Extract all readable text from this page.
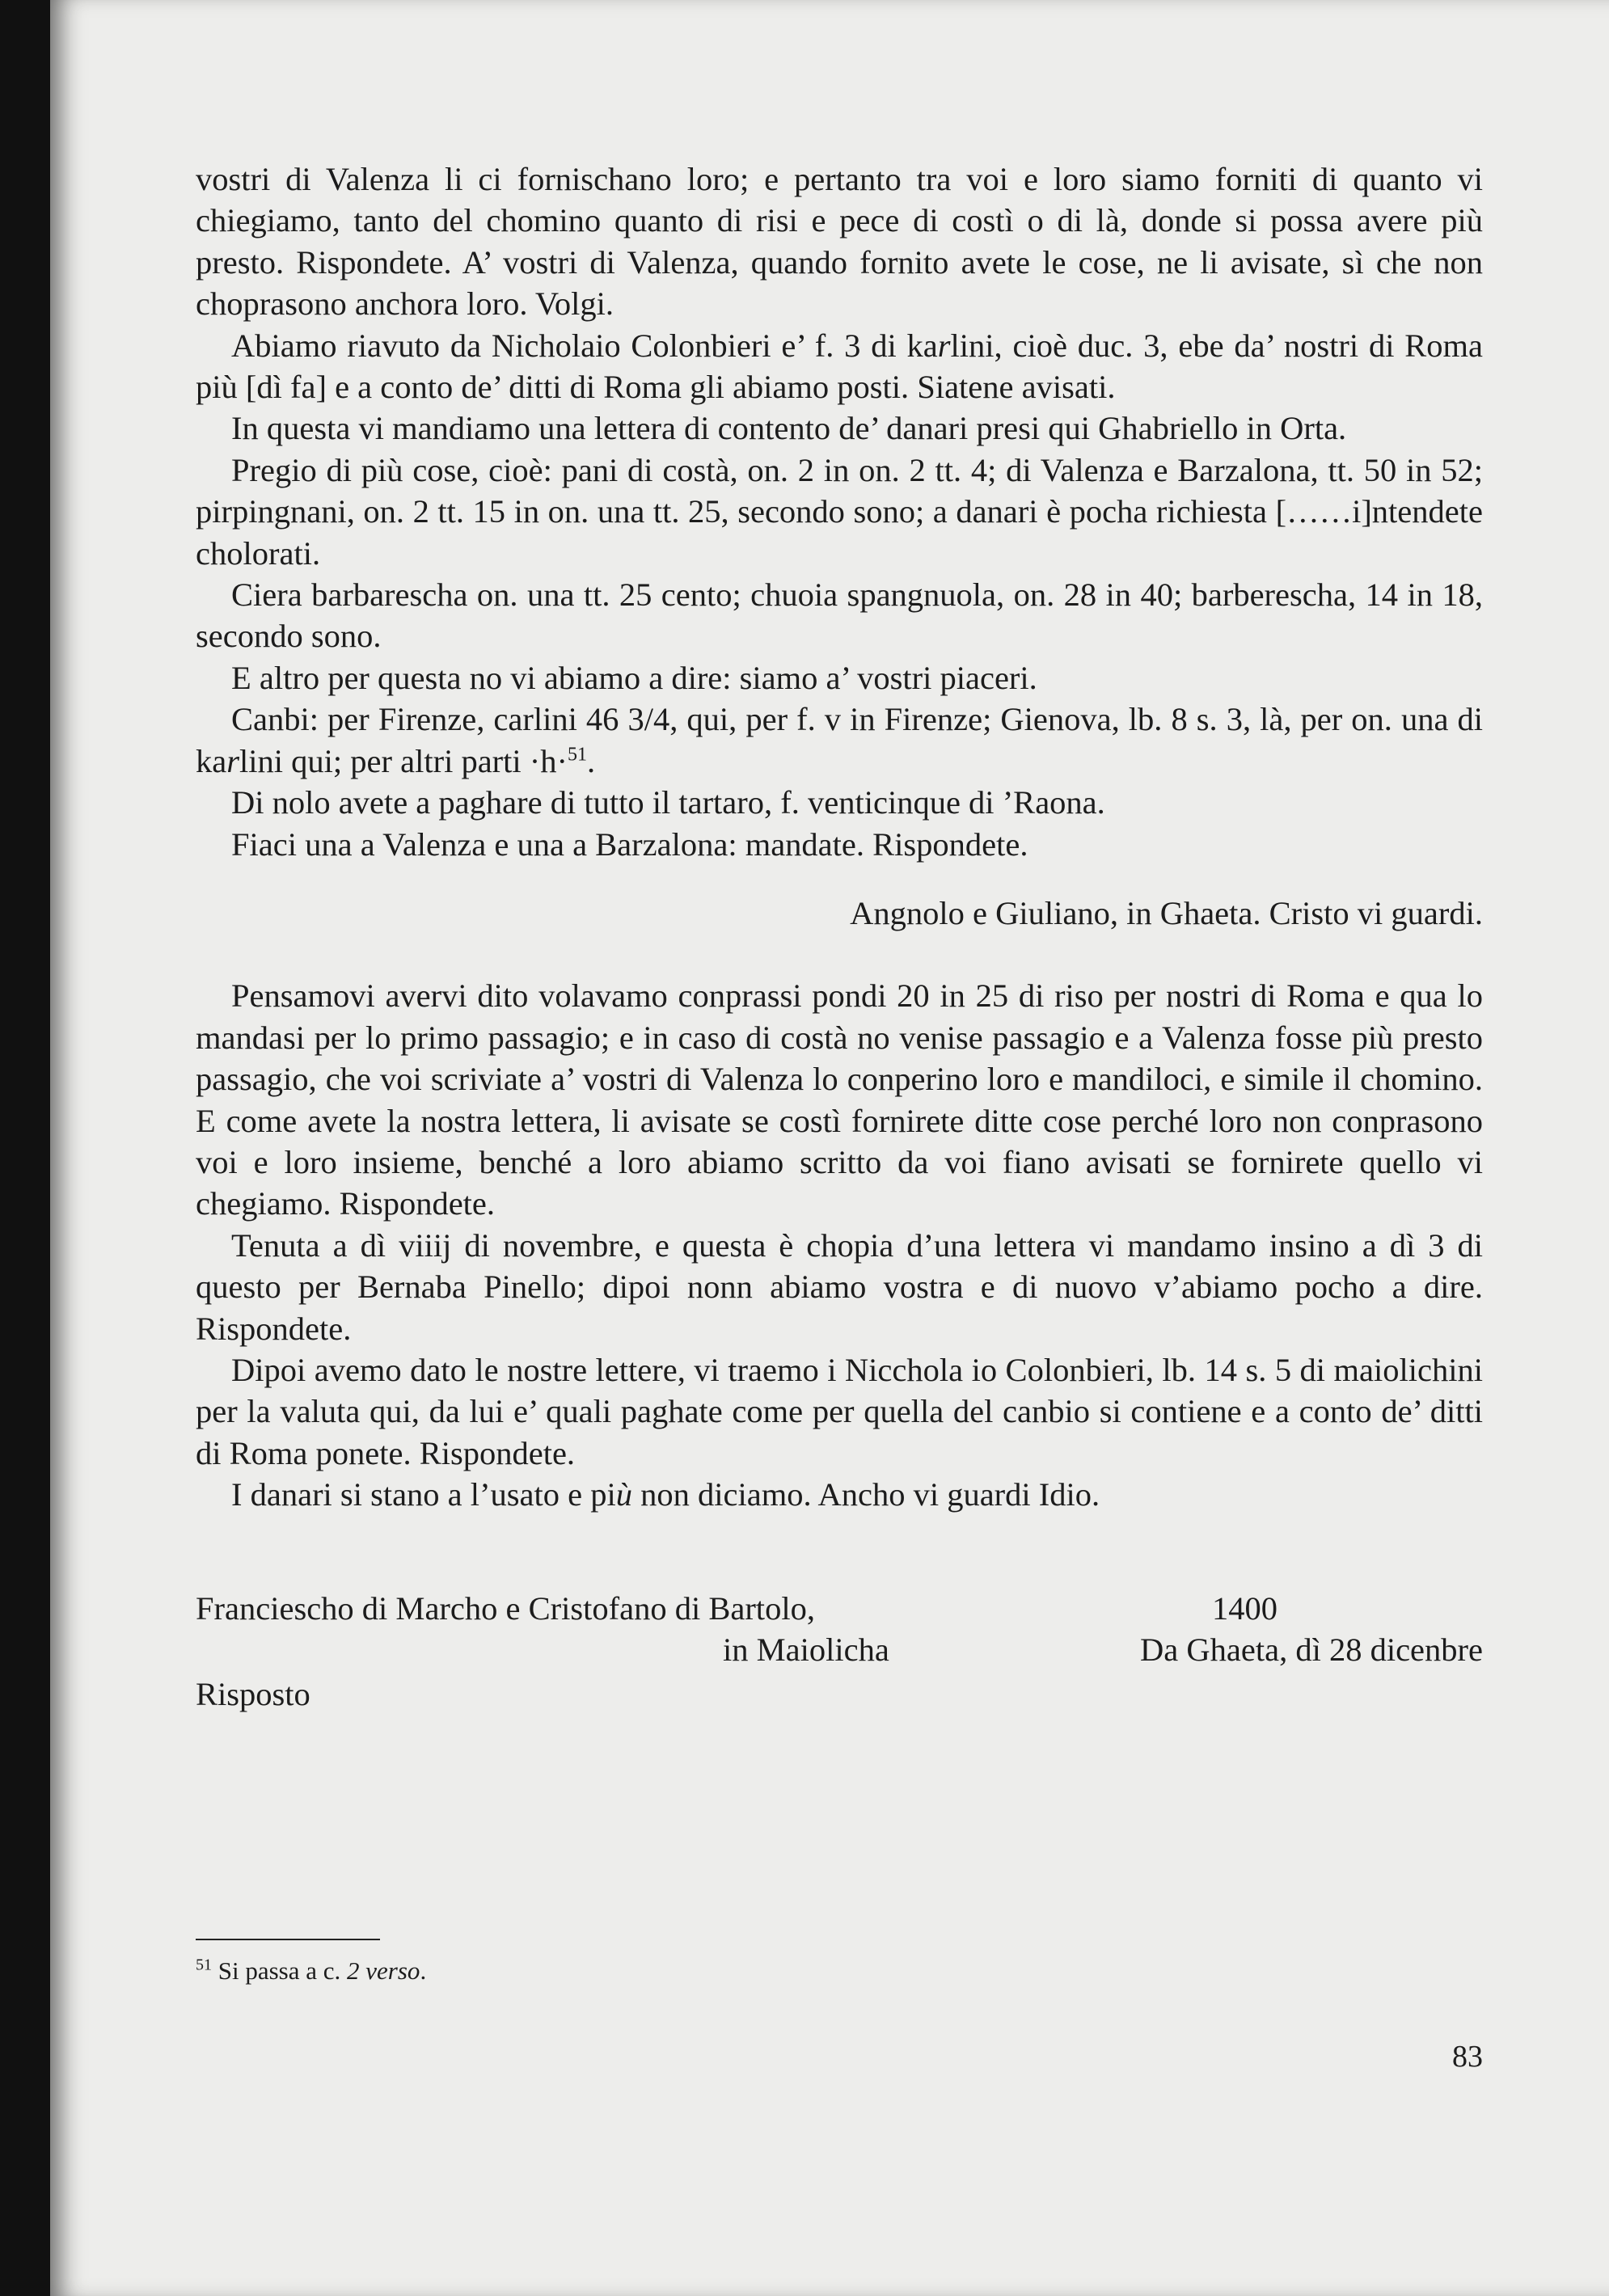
vostri di Valenza li ci fornischano loro; e pertanto tra voi e loro siamo forniti di quanto vi chiegiamo, tanto del chomino quanto di risi e pece di costì o di là, donde si possa avere più presto. Rispondete. A’ vostri di Valenza, quando fornito avete le cose, ne li avisate, sì che non choprasono anchora loro. Volgi.

Abiamo riavuto da Nicholaio Colonbieri e’ f. 3 di karlini, cioè duc. 3, ebe da’ nostri di Roma più [dì fa] e a conto de’ ditti di Roma gli abiamo posti. Siatene avisati.

In questa vi mandiamo una lettera di contento de’ danari presi qui Ghabriello in Orta.

Pregio di più cose, cioè: pani di costà, on. 2 in on. 2 tt. 4; di Valenza e Barzalona, tt. 50 in 52; pirpingnani, on. 2 tt. 15 in on. una tt. 25, secondo sono; a danari è pocha richiesta [……i]ntendete cholorati.

Ciera barbarescha on. una tt. 25 cento; chuoia spangnuola, on. 28 in 40; barberescha, 14 in 18, secondo sono.

E altro per questa no vi abiamo a dire: siamo a’ vostri piaceri.

Canbi: per Firenze, carlini 46 3/4, qui, per f. v in Firenze; Gienova, lb. 8 s. 3, là, per on. una di karlini qui; per altri parti ·h·$^{51}$.

Di nolo avete a paghare di tutto il tartaro, f. venticinque di ’Raona.

Fiaci una a Valenza e una a Barzalona: mandate. Rispondete.

Angnolo e Giuliano, in Ghaeta. Cristo vi guardi.

Pensamovi avervi dito volavamo conprassi pondi 20 in 25 di riso per nostri di Roma e qua lo mandasi per lo primo passagio; e in caso di costà no venise passagio e a Valenza fosse più presto passagio, che voi scriviate a’ vostri di Valenza lo conperino loro e mandiloci, e simile il chomino. E come avete la nostra lettera, li avisate se costì fornirete ditte cose perché loro non conprasono voi e loro insieme, benché a loro abiamo scritto da voi fiano avisati se fornirete quello vi chegiamo. Rispondete.

Tenuta a dì viiij di novembre, e questa è chopia d’una lettera vi mandamo insino a dì 3 di questo per Bernaba Pinello; dipoi nonn abiamo vostra e di nuovo v’abiamo pocho a dire. Rispondete.

Dipoi avemo dato le nostre lettere, vi traemo i Nicchola io Colonbieri, lb. 14 s. 5 di maiolichini per la valuta qui, da lui e’ quali paghate come per quella del canbio si contiene e a conto de’ ditti di Roma ponete. Rispondete.

I danari si stano a l’usato e più non diciamo. Ancho vi guardi Idio.

Franciescho di Marcho e Cristofano di Bartolo,	1400
in Maiolicha	Da Ghaeta, dì 28 dicenbre
Risposto
$^{51}$ Si passa a c. 2 verso.
83
